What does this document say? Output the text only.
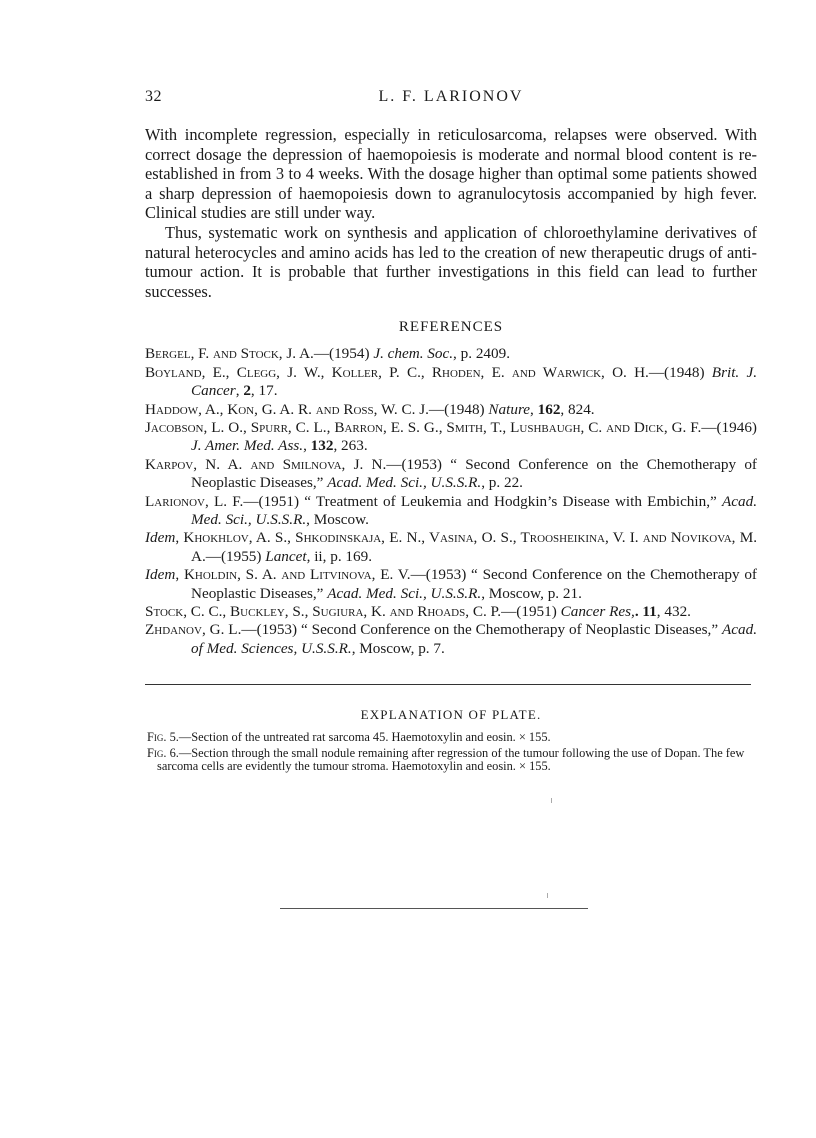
32	L. F. LARIONOV

With incomplete regression, especially in reticulosarcoma, relapses were observed. With correct dosage the depression of haemopoiesis is moderate and normal blood content is re-established in from 3 to 4 weeks. With the dosage higher than optimal some patients showed a sharp depression of haemopoiesis down to agranulocytosis accompanied by high fever. Clinical studies are still under way.

Thus, systematic work on synthesis and application of chloroethylamine derivatives of natural heterocycles and amino acids has led to the creation of new therapeutic drugs of anti-tumour action. It is probable that further investigations in this field can lead to further successes.

REFERENCES
Bergel, F. and Stock, J. A.—(1954) J. chem. Soc., p. 2409.
Boyland, E., Clegg, J. W., Koller, P. C., Rhoden, E. and Warwick, O. H.—(1948) Brit. J. Cancer, 2, 17.
Haddow, A., Kon, G. A. R. and Ross, W. C. J.—(1948) Nature, 162, 824.
Jacobson, L. O., Spurr, C. L., Barron, E. S. G., Smith, T., Lushbaugh, C. and Dick, G. F.—(1946) J. Amer. Med. Ass., 132, 263.
Karpov, N. A. and Smilnova, J. N.—(1953) “ Second Conference on the Chemotherapy of Neoplastic Diseases,” Acad. Med. Sci., U.S.S.R., p. 22.
Larionov, L. F.—(1951) “ Treatment of Leukemia and Hodgkin’s Disease with Embichin,” Acad. Med. Sci., U.S.S.R., Moscow.
Idem, Khokhlov, A. S., Shkodinskaja, E. N., Vasina, O. S., Troosheikina, V. I. and Novikova, M. A.—(1955) Lancet, ii, p. 169.
Idem, Kholdin, S. A. and Litvinova, E. V.—(1953) “ Second Conference on the Chemotherapy of Neoplastic Diseases,” Acad. Med. Sci., U.S.S.R., Moscow, p. 21.
Stock, C. C., Buckley, S., Sugiura, K. and Rhoads, C. P.—(1951) Cancer Res,. 11, 432.
Zhdanov, G. L.—(1953) “ Second Conference on the Chemotherapy of Neoplastic Diseases,” Acad. of Med. Sciences, U.S.S.R., Moscow, p. 7.
EXPLANATION OF PLATE.
Fig. 5.—Section of the untreated rat sarcoma 45. Haemotoxylin and eosin. × 155.
Fig. 6.—Section through the small nodule remaining after regression of the tumour following the use of Dopan. The few sarcoma cells are evidently the tumour stroma. Haemotoxylin and eosin. × 155.
